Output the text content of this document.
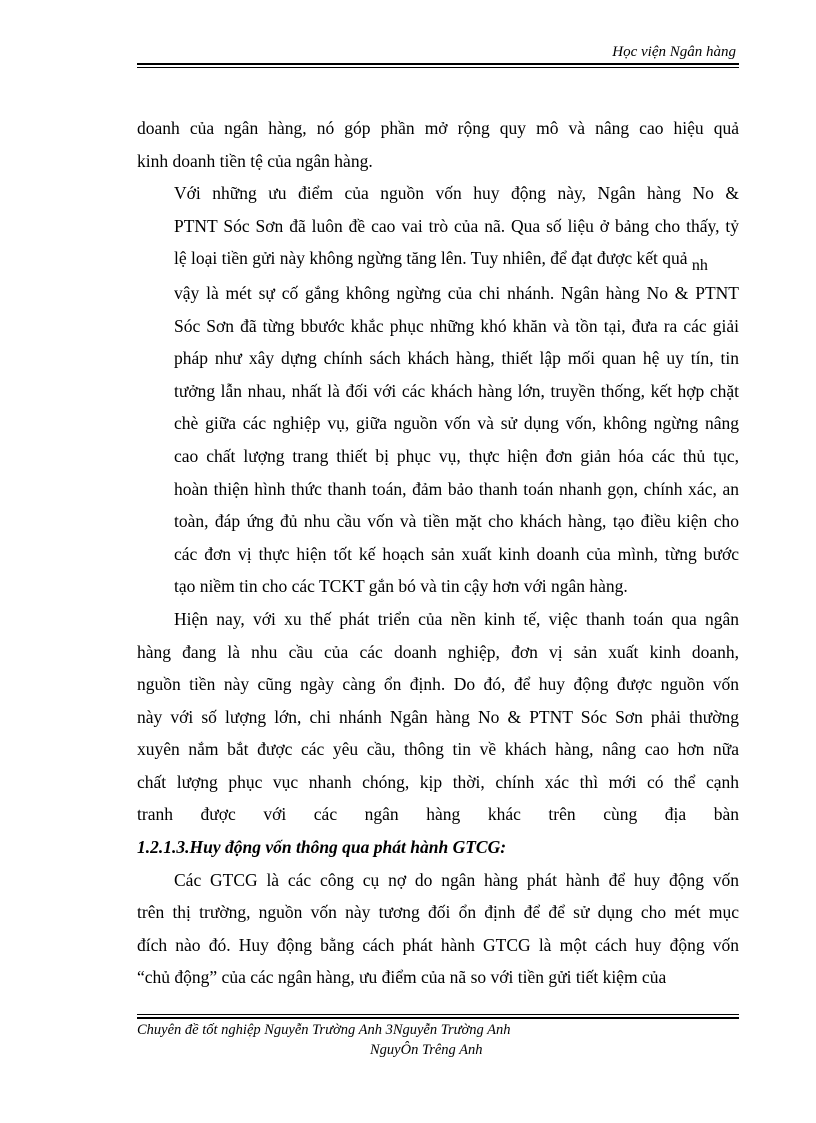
Học viện Ngân hàng

doanh của ngân hàng, nó góp phần mở rộng quy mô và nâng cao hiệu quả
kinh doanh tiền tệ của ngân hàng.

Với những ưu điểm của nguồn vốn huy động này, Ngân hàng No &
PTNT Sóc Sơn đã luôn đề cao vai trò của nã. Qua số liệu ở bảng cho thấy, tỷ
lệ loại tiền gửi này không ngừng tăng lên. Tuy nhiên, để đạt được kết quả nh
vậy là mét sự cố gắng không ngừng của chi nhánh. Ngân hàng No & PTNT
Sóc Sơn đã từng bbước khắc phục những khó khăn và tồn tại, đưa ra các giải
pháp như xây dựng chính sách khách hàng, thiết lập mối quan hệ uy tín, tin
tưởng lẫn nhau, nhất là đối với các khách hàng lớn, truyền thống, kết hợp chặt
chè giữa các nghiệp vụ, giữa nguồn vốn và sử dụng vốn, không ngừng nâng
cao chất lượng trang thiết bị phục vụ, thực hiện đơn giản hóa các thủ tục,
hoàn thiện hình thức thanh toán, đảm bảo thanh toán nhanh gọn, chính xác, an
toàn, đáp ứng đủ nhu cầu vốn và tiền mặt cho khách hàng, tạo điều kiện cho
các đơn vị thực hiện tốt kế hoạch sản xuất kinh doanh của mình, từng bước
tạo niềm tin cho các TCKT gắn bó và tin cậy hơn với ngân hàng.

Hiện nay, với xu thế phát triển của nền kinh tế, việc thanh toán qua ngân
hàng đang là nhu cầu của các doanh nghiệp, đơn vị sản xuất kinh doanh,
nguồn tiền này cũng ngày càng ổn định. Do đó, để huy động được nguồn vốn
này với số lượng lớn, chi nhánh Ngân hàng No & PTNT Sóc Sơn phải thường
xuyên nắm bắt được các yêu cầu, thông tin về khách hàng, nâng cao hơn nữa
chất lượng phục vục nhanh chóng, kịp thời, chính xác thì mới có thể cạnh
tranh được với các ngân hàng khác trên cùng địa bàn

1.2.1.3.Huy động vốn thông qua phát hành GTCG:

Các GTCG là các công cụ nợ do ngân hàng phát hành để huy động vốn
trên thị trường, nguồn vốn này tương đối ổn định để để sử dụng cho mét mục
đích nào đó. Huy động bằng cách phát hành GTCG là một cách huy động vốn
“chủ động” của các ngân hàng, ưu điểm của nã so với tiền gửi tiết kiệm của

Chuyên đề tốt nghiệp Nguyễn Trường Anh 3Nguyễn Trường Anh
NguyÔn Trêng Anh
